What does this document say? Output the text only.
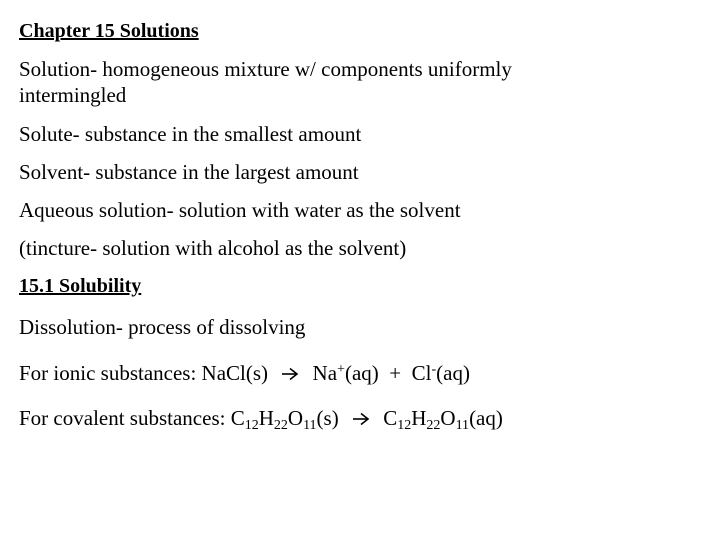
Chapter 15 Solutions
Solution- homogeneous mixture w/ components uniformly intermingled
Solute- substance in the smallest amount
Solvent- substance in the largest amount
Aqueous solution- solution with water as the solvent
(tincture- solution with alcohol as the solvent)
15.1 Solubility
Dissolution- process of dissolving
For ionic substances: NaCl(s) Na+(aq) + Cl-(aq)
For covalent substances: $C_{12}H_{22}O_{11}(s)$ $C_{12}H_{22}O_{11}(aq)$
